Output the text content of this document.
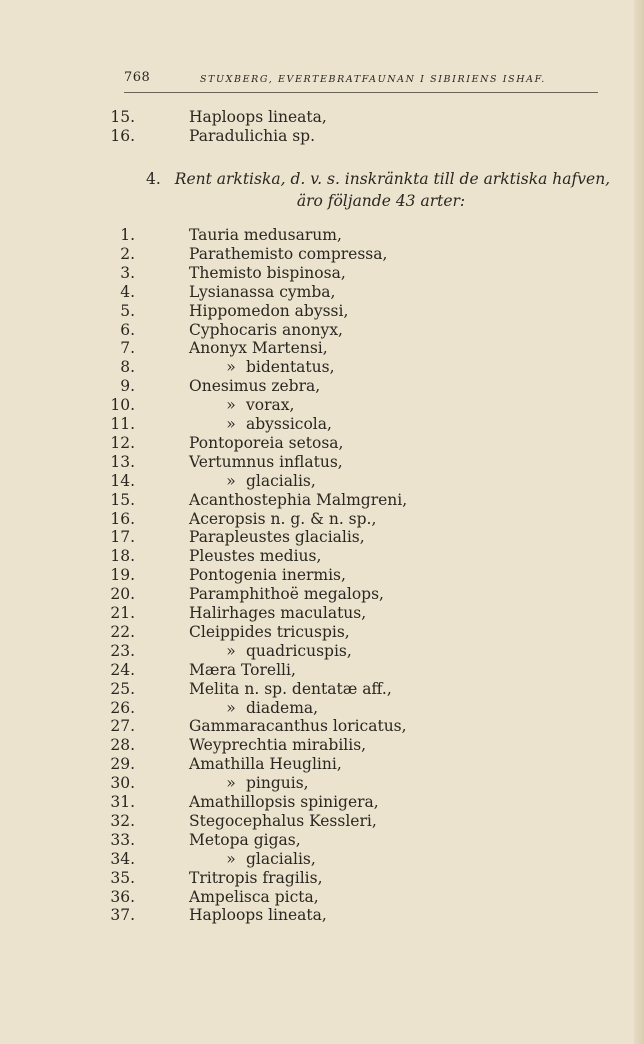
768	STUXBERG, EVERTEBRATFAUNAN I SIBIRIENS ISHAF.
15.	Haploops lineata,
16.	Paradulichia sp.
4. Rent arktiska, d. v. s. inskränkta till de arktiska hafven,
äro följande 43 arter:
1.	Tauria medusarum,
2.	Parathemisto compressa,
3.	Themisto bispinosa,
4.	Lysianassa cymba,
5.	Hippomedon abyssi,
6.	Cyphocaris anonyx,
7.	Anonyx Martensi,
8.	» bidentatus,
9.	Onesimus zebra,
10.	» vorax,
11.	» abyssicola,
12.	Pontoporeia setosa,
13.	Vertumnus inflatus,
14.	» glacialis,
15.	Acanthostephia Malmgreni,
16.	Aceropsis n. g. & n. sp.,
17.	Parapleustes glacialis,
18.	Pleustes medius,
19.	Pontogenia inermis,
20.	Paramphithoë megalops,
21.	Halirhages maculatus,
22.	Cleippides tricuspis,
23.	» quadricuspis,
24.	Mæra Torelli,
25.	Melita n. sp. dentatæ aff.,
26.	» diadema,
27.	Gammaracanthus loricatus,
28.	Weyprechtia mirabilis,
29.	Amathilla Heuglini,
30.	» pinguis,
31.	Amathillopsis spinigera,
32.	Stegocephalus Kessleri,
33.	Metopa gigas,
34.	» glacialis,
35.	Tritropis fragilis,
36.	Ampelisca picta,
37.	Haploops lineata,
